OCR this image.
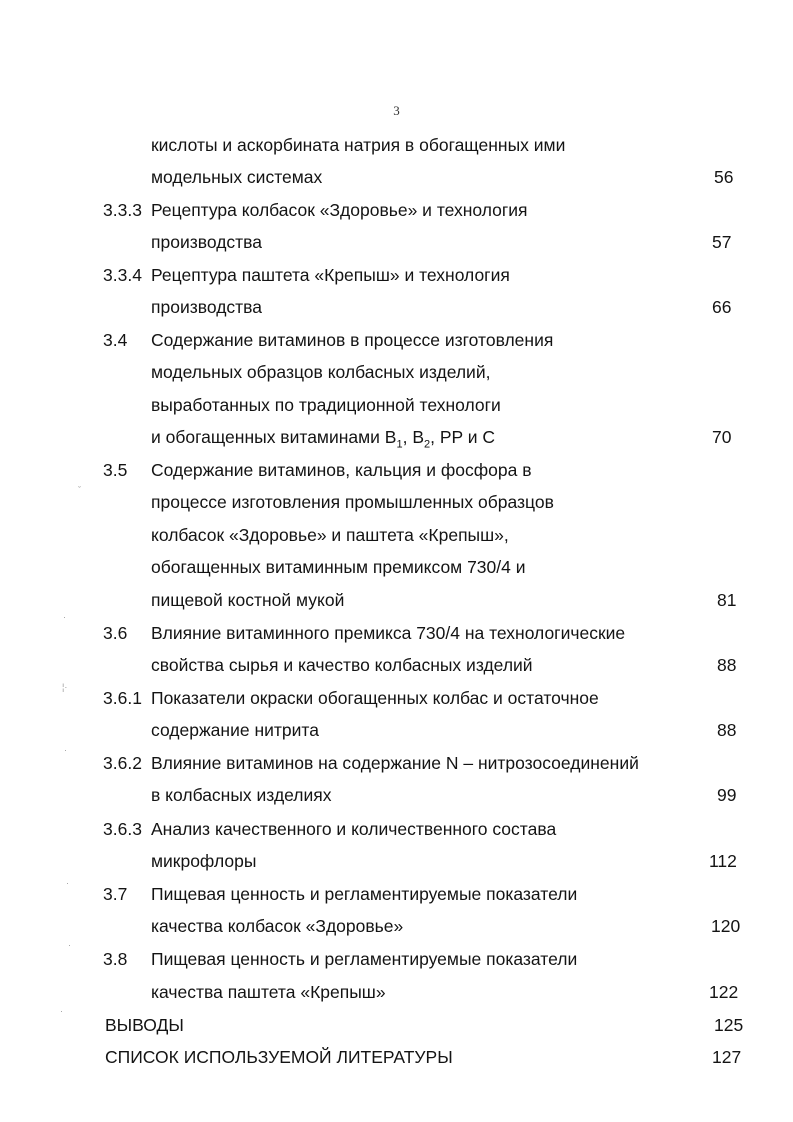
3
кислоты и аскорбината натрия в обогащенных ими
модельных системах	56
3.3.3 Рецептура колбасок «Здоровье» и технология
производства	57
3.3.4 Рецептура паштета «Крепыш» и технология
производства	66
3.4 Содержание витаминов в процессе изготовления
модельных образцов колбасных изделий,
выработанных по традиционной технологи
и обогащенных витаминами $B_1$, $B_2$, PP и C	70
3.5 Содержание витаминов, кальция и фосфора в
процессе изготовления промышленных образцов
колбасок «Здоровье» и паштета «Крепыш»,
обогащенных витаминным премиксом 730/4 и
пищевой костной мукой	81
3.6 Влияние витаминного премикса 730/4 на технологические
свойства сырья и качество колбасных изделий	88
3.6.1 Показатели окраски обогащенных колбас и остаточное
содержание нитрита	88
3.6.2 Влияние витаминов на содержание N – нитрозосоединений
в колбасных изделиях	99
3.6.3 Анализ качественного и количественного состава
микрофлоры	112
3.7 Пищевая ценность и регламентируемые показатели
качества колбасок «Здоровье»	120
3.8 Пищевая ценность и регламентируемые показатели
качества паштета «Крепыш»	122
ВЫВОДЫ	125
СПИСОК ИСПОЛЬЗУЕМОЙ ЛИТЕРАТУРЫ	127
ˇ
·
¦·
·
·
·
·
